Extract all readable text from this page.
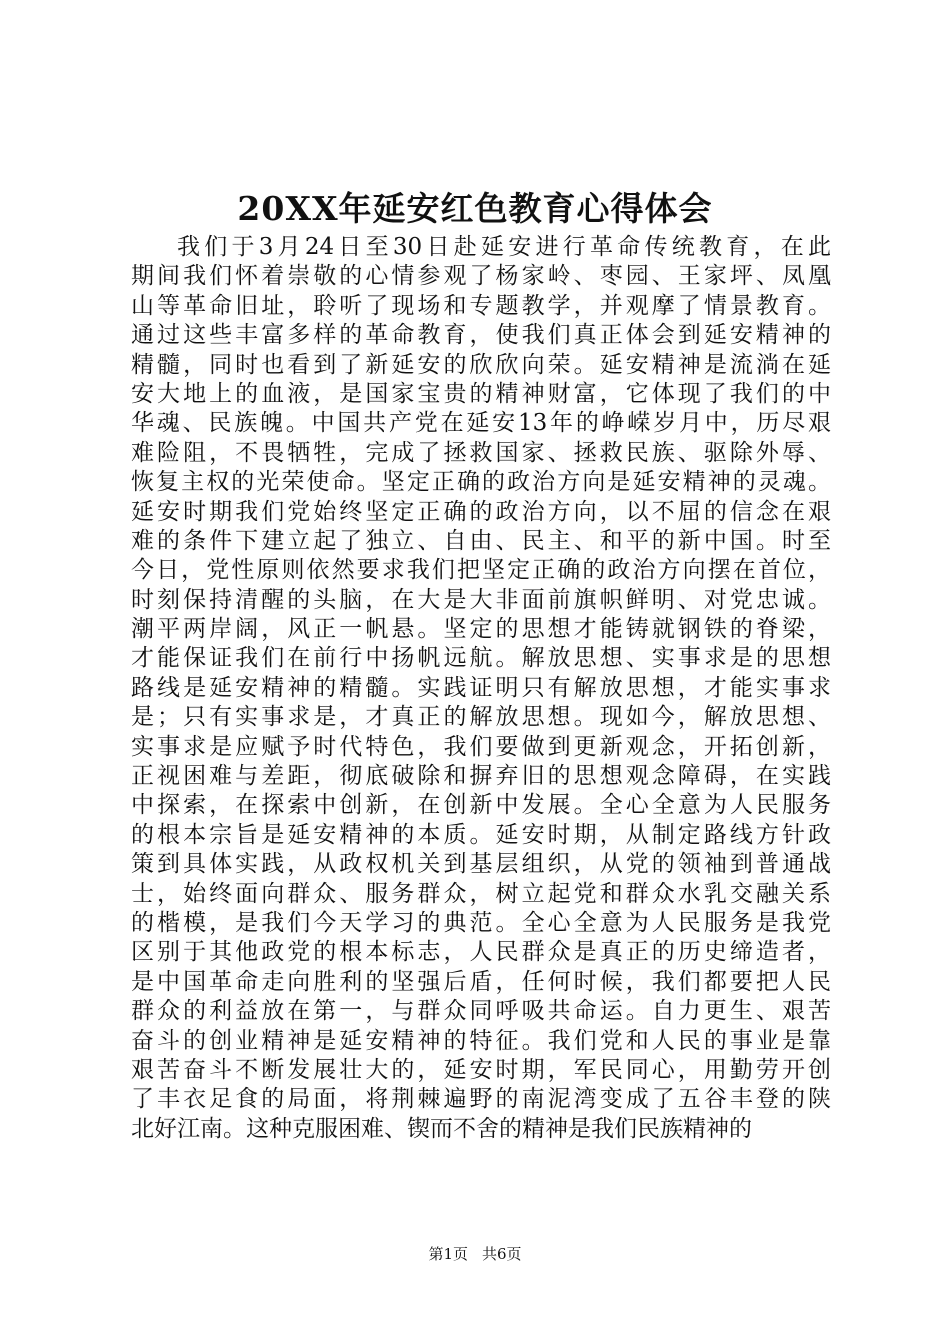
20XX年延安红色教育心得体会
我们于3月24日至30日赴延安进行革命传统教育，在此
期间我们怀着崇敬的心情参观了杨家岭、枣园、王家坪、凤凰
山等革命旧址，聆听了现场和专题教学，并观摩了情景教育。
通过这些丰富多样的革命教育，使我们真正体会到延安精神的
精髓，同时也看到了新延安的欣欣向荣。延安精神是流淌在延
安大地上的血液，是国家宝贵的精神财富，它体现了我们的中
华魂、民族魄。中国共产党在延安13年的峥嵘岁月中，历尽艰
难险阻，不畏牺牲，完成了拯救国家、拯救民族、驱除外辱、
恢复主权的光荣使命。坚定正确的政治方向是延安精神的灵魂。
延安时期我们党始终坚定正确的政治方向，以不屈的信念在艰
难的条件下建立起了独立、自由、民主、和平的新中国。时至
今日，党性原则依然要求我们把坚定正确的政治方向摆在首位，
时刻保持清醒的头脑，在大是大非面前旗帜鲜明、对党忠诚。
潮平两岸阔，风正一帆悬。坚定的思想才能铸就钢铁的脊梁，
才能保证我们在前行中扬帆远航。解放思想、实事求是的思想
路线是延安精神的精髓。实践证明只有解放思想，才能实事求
是；只有实事求是，才真正的解放思想。现如今，解放思想、
实事求是应赋予时代特色，我们要做到更新观念，开拓创新，
正视困难与差距，彻底破除和摒弃旧的思想观念障碍，在实践
中探索，在探索中创新，在创新中发展。全心全意为人民服务
的根本宗旨是延安精神的本质。延安时期，从制定路线方针政
策到具体实践，从政权机关到基层组织，从党的领袖到普通战
士，始终面向群众、服务群众，树立起党和群众水乳交融关系
的楷模，是我们今天学习的典范。全心全意为人民服务是我党
区别于其他政党的根本标志，人民群众是真正的历史缔造者，
是中国革命走向胜利的坚强后盾，任何时候，我们都要把人民
群众的利益放在第一，与群众同呼吸共命运。自力更生、艰苦
奋斗的创业精神是延安精神的特征。我们党和人民的事业是靠
艰苦奋斗不断发展壮大的，延安时期，军民同心，用勤劳开创
了丰衣足食的局面，将荆棘遍野的南泥湾变成了五谷丰登的陕
北好江南。这种克服困难、锲而不舍的精神是我们民族精神的
第1页 共6页
